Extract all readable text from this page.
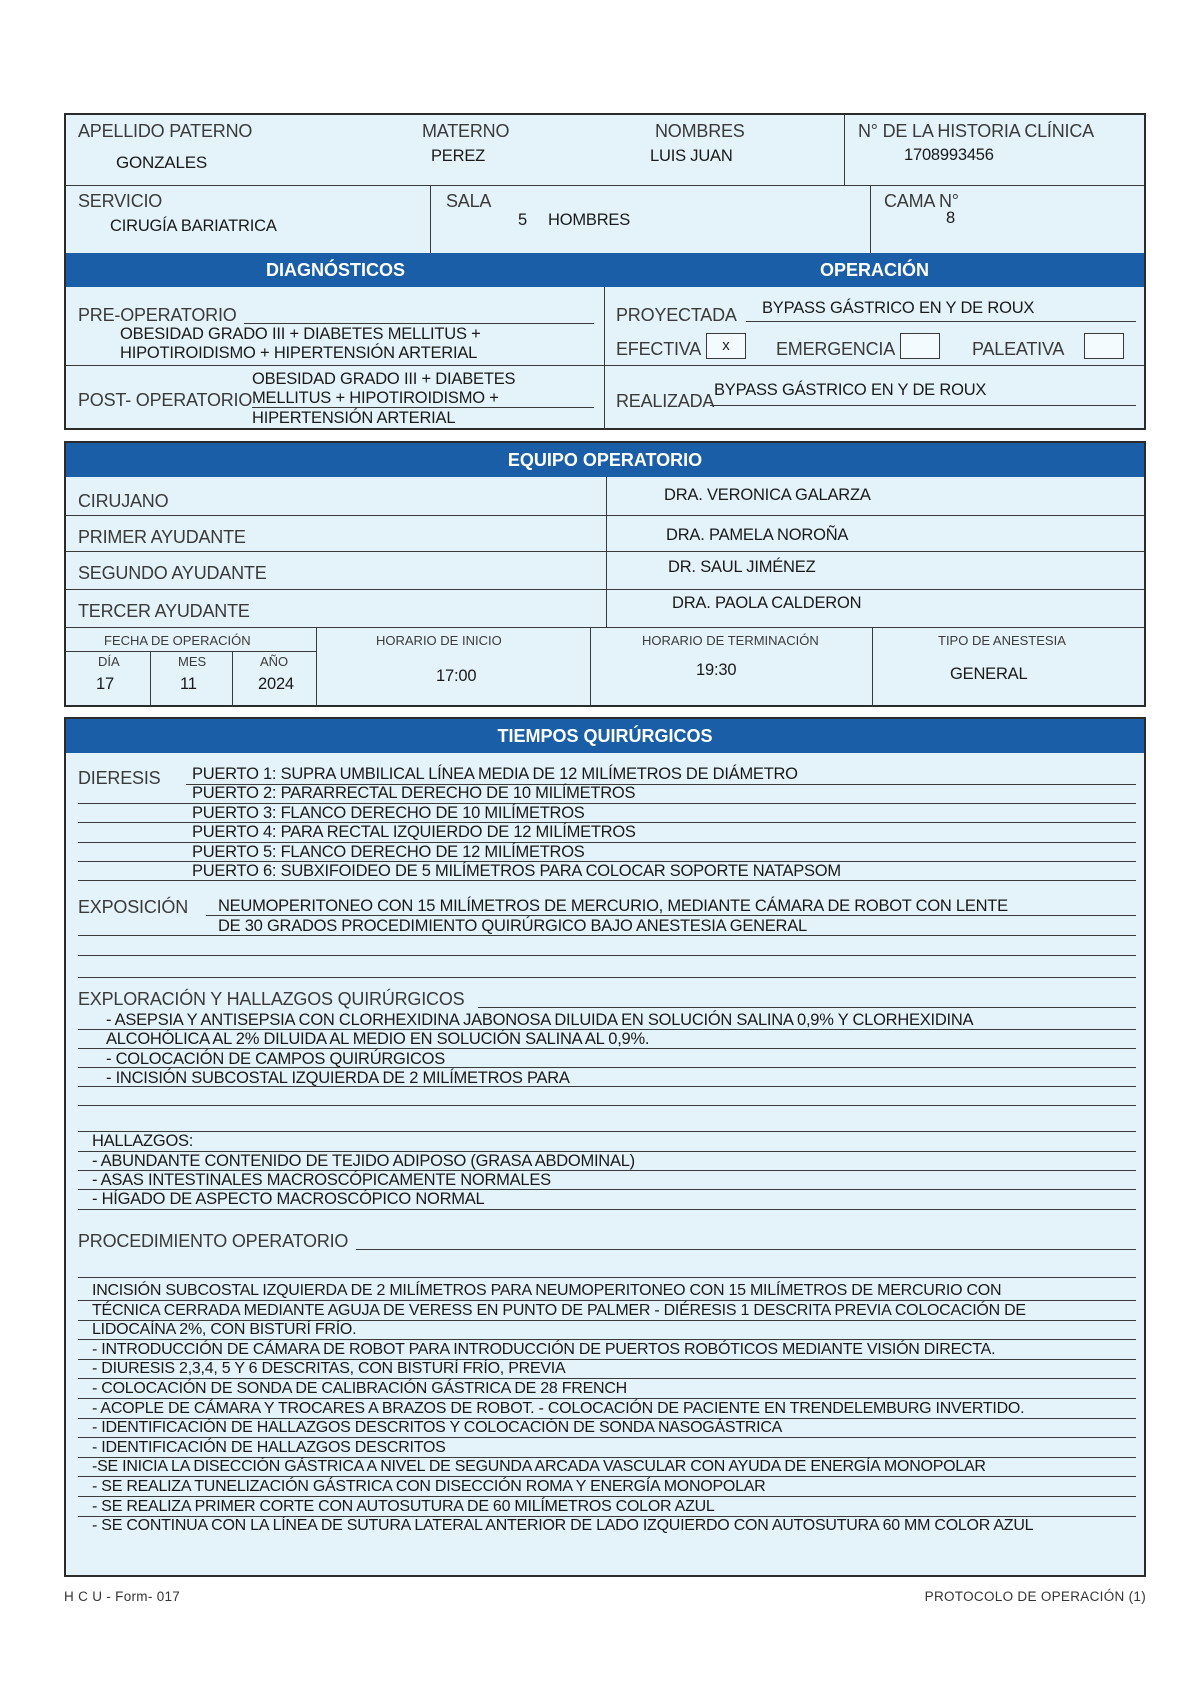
APELLIDO PATERNO
GONZALES
MATERNO
PEREZ
NOMBRES
LUIS JUAN
N° DE LA HISTORIA CLÍNICA
1708993456
SERVICIO
CIRUGÍA BARIATRICA
SALA
5 HOMBRES
CAMA N°
8
DIAGNÓSTICOS	OPERACIÓN
PRE-OPERATORIO
OBESIDAD GRADO III + DIABETES MELLITUS +
HIPOTIROIDISMO + HIPERTENSIÓN ARTERIAL
POST- OPERATORIO
OBESIDAD GRADO III + DIABETES
MELLITUS + HIPOTIROIDISMO +
HIPERTENSIÓN ARTERIAL
PROYECTADA BYPASS GÁSTRICO EN Y DE ROUX
EFECTIVA	x	EMERGENCIA	PALEATIVA
REALIZADA
BYPASS GÁSTRICO EN Y DE ROUX
EQUIPO OPERATORIO
CIRUJANO	DRA. VERONICA GALARZA
PRIMER AYUDANTE	DRA. PAMELA NOROÑA
SEGUNDO AYUDANTE	DR. SAUL JIMÉNEZ
TERCER AYUDANTE	DRA. PAOLA CALDERON
FECHA DE OPERACIÓN
DÍA
17
MES
11
AÑO
2024
HORARIO DE INICIO
17:00
HORARIO DE TERMINACIÓN
19:30
TIPO DE ANESTESIA
GENERAL
TIEMPOS QUIRÚRGICOS
DIERESIS PUERTO 1: SUPRA UMBILICAL LÍNEA MEDIA DE 12 MILÍMETROS DE DIÁMETRO
PUERTO 2: PARARRECTAL DERECHO DE 10 MILÍMETROS
PUERTO 3: FLANCO DERECHO DE 10 MILÍMETROS
PUERTO 4: PARA RECTAL IZQUIERDO DE 12 MILÍMETROS
PUERTO 5: FLANCO DERECHO DE 12 MILÍMETROS
PUERTO 6: SUBXIFOIDEO DE 5 MILÍMETROS PARA COLOCAR SOPORTE NATAPSOM
EXPOSICIÓN NEUMOPERITONEO CON 15 MILÍMETROS DE MERCURIO, MEDIANTE CÁMARA DE ROBOT CON LENTE
DE 30 GRADOS PROCEDIMIENTO QUIRÚRGICO BAJO ANESTESIA GENERAL
EXPLORACIÓN Y HALLAZGOS QUIRÚRGICOS
- ASEPSIA Y ANTISEPSIA CON CLORHEXIDINA JABONOSA DILUIDA EN SOLUCIÓN SALINA 0,9% Y CLORHEXIDINA
ALCOHÓLICA AL 2% DILUIDA AL MEDIO EN SOLUCIÓN SALINA AL 0,9%.
- COLOCACIÓN DE CAMPOS QUIRÚRGICOS
- INCISIÓN SUBCOSTAL IZQUIERDA DE 2 MILÍMETROS PARA
HALLAZGOS:
- ABUNDANTE CONTENIDO DE TEJIDO ADIPOSO (GRASA ABDOMINAL)
- ASAS INTESTINALES MACROSCÓPICAMENTE NORMALES
- HÍGADO DE ASPECTO MACROSCÓPICO NORMAL
PROCEDIMIENTO OPERATORIO
INCISIÓN SUBCOSTAL IZQUIERDA DE 2 MILÍMETROS PARA NEUMOPERITONEO CON 15 MILÍMETROS DE MERCURIO CON
TÉCNICA CERRADA MEDIANTE AGUJA DE VERESS EN PUNTO DE PALMER - DIÉRESIS 1 DESCRITA PREVIA COLOCACIÓN DE
LIDOCAÍNA 2%, CON BISTURÍ FRÍO.
- INTRODUCCIÓN DE CÁMARA DE ROBOT PARA INTRODUCCIÓN DE PUERTOS ROBÓTICOS MEDIANTE VISIÓN DIRECTA.
- DIURESIS 2,3,4, 5 Y 6 DESCRITAS, CON BISTURÍ FRÍO, PREVIA
- COLOCACIÓN DE SONDA DE CALIBRACIÓN GÁSTRICA DE 28 FRENCH
- ACOPLE DE CÁMARA Y TROCARES A BRAZOS DE ROBOT. - COLOCACIÓN DE PACIENTE EN TRENDELEMBURG INVERTIDO.
- IDENTIFICACIÓN DE HALLAZGOS DESCRITOS Y COLOCACIÓN DE SONDA NASOGÁSTRICA
- IDENTIFICACIÓN DE HALLAZGOS DESCRITOS
-SE INICIA LA DISECCIÓN GÁSTRICA A NIVEL DE SEGUNDA ARCADA VASCULAR CON AYUDA DE ENERGÍA MONOPOLAR
- SE REALIZA TUNELIZACIÓN GÁSTRICA CON DISECCIÓN ROMA Y ENERGÍA MONOPOLAR
- SE REALIZA PRIMER CORTE CON AUTOSUTURA DE 60 MILÍMETROS COLOR AZUL
- SE CONTINUA CON LA LÍNEA DE SUTURA LATERAL ANTERIOR DE LADO IZQUIERDO CON AUTOSUTURA 60 MM COLOR AZUL
H C U - Form- 017	PROTOCOLO DE OPERACIÓN (1)
